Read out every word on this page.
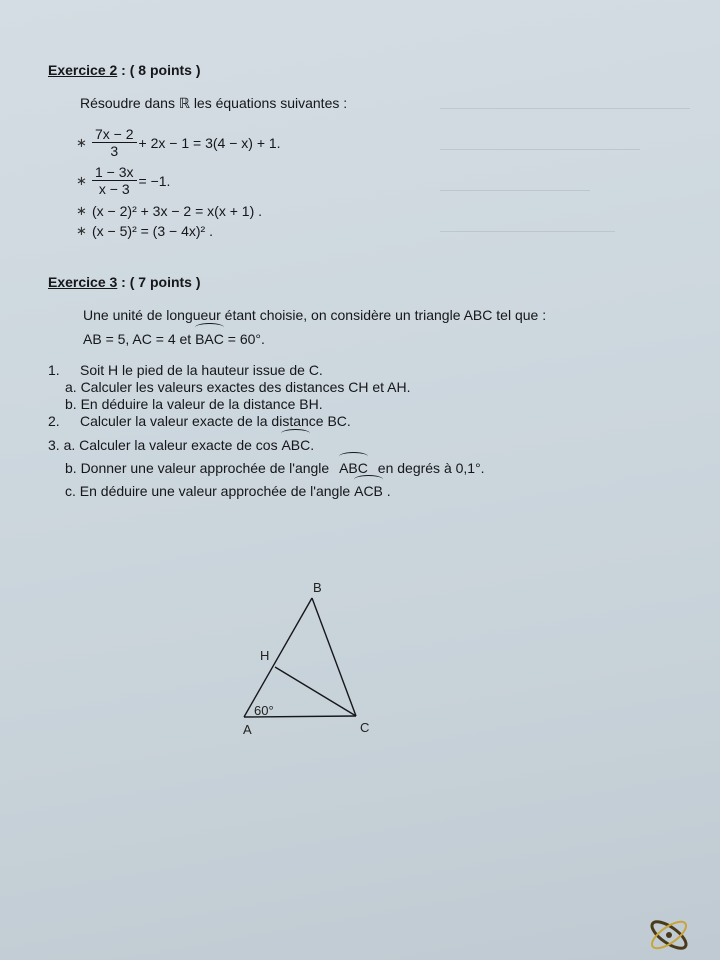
Exercice 2 : ( 8 points )
Résoudre dans ℝ les équations suivantes :
∗ $\frac{7x - 2}{3} + 2x - 1 = 3(4 - x) + 1$.
∗ $\frac{1 - 3x}{x - 3} = -1$.
∗ (x − 2)² + 3x − 2 = x(x + 1) .
∗ (x − 5)² = (3 − 4x)² .
Exercice 3 : ( 7 points )
Une unité de longueur étant choisie, on considère un triangle ABC tel que :
AB = 5, AC = 4 et BAC = 60°.
1. Soit H le pied de la hauteur issue de C.
a. Calculer les valeurs exactes des distances CH et AH.
b. En déduire la valeur de la distance BH.
2. Calculer la valeur exacte de la distance BC.
3. a. Calculer la valeur exacte de cos ABC.
b. Donner une valeur approchée de l'angle ABC en degrés à 0,1°.
c. En déduire une valeur approchée de l'angle ACB .
B
H
60°
A	C
